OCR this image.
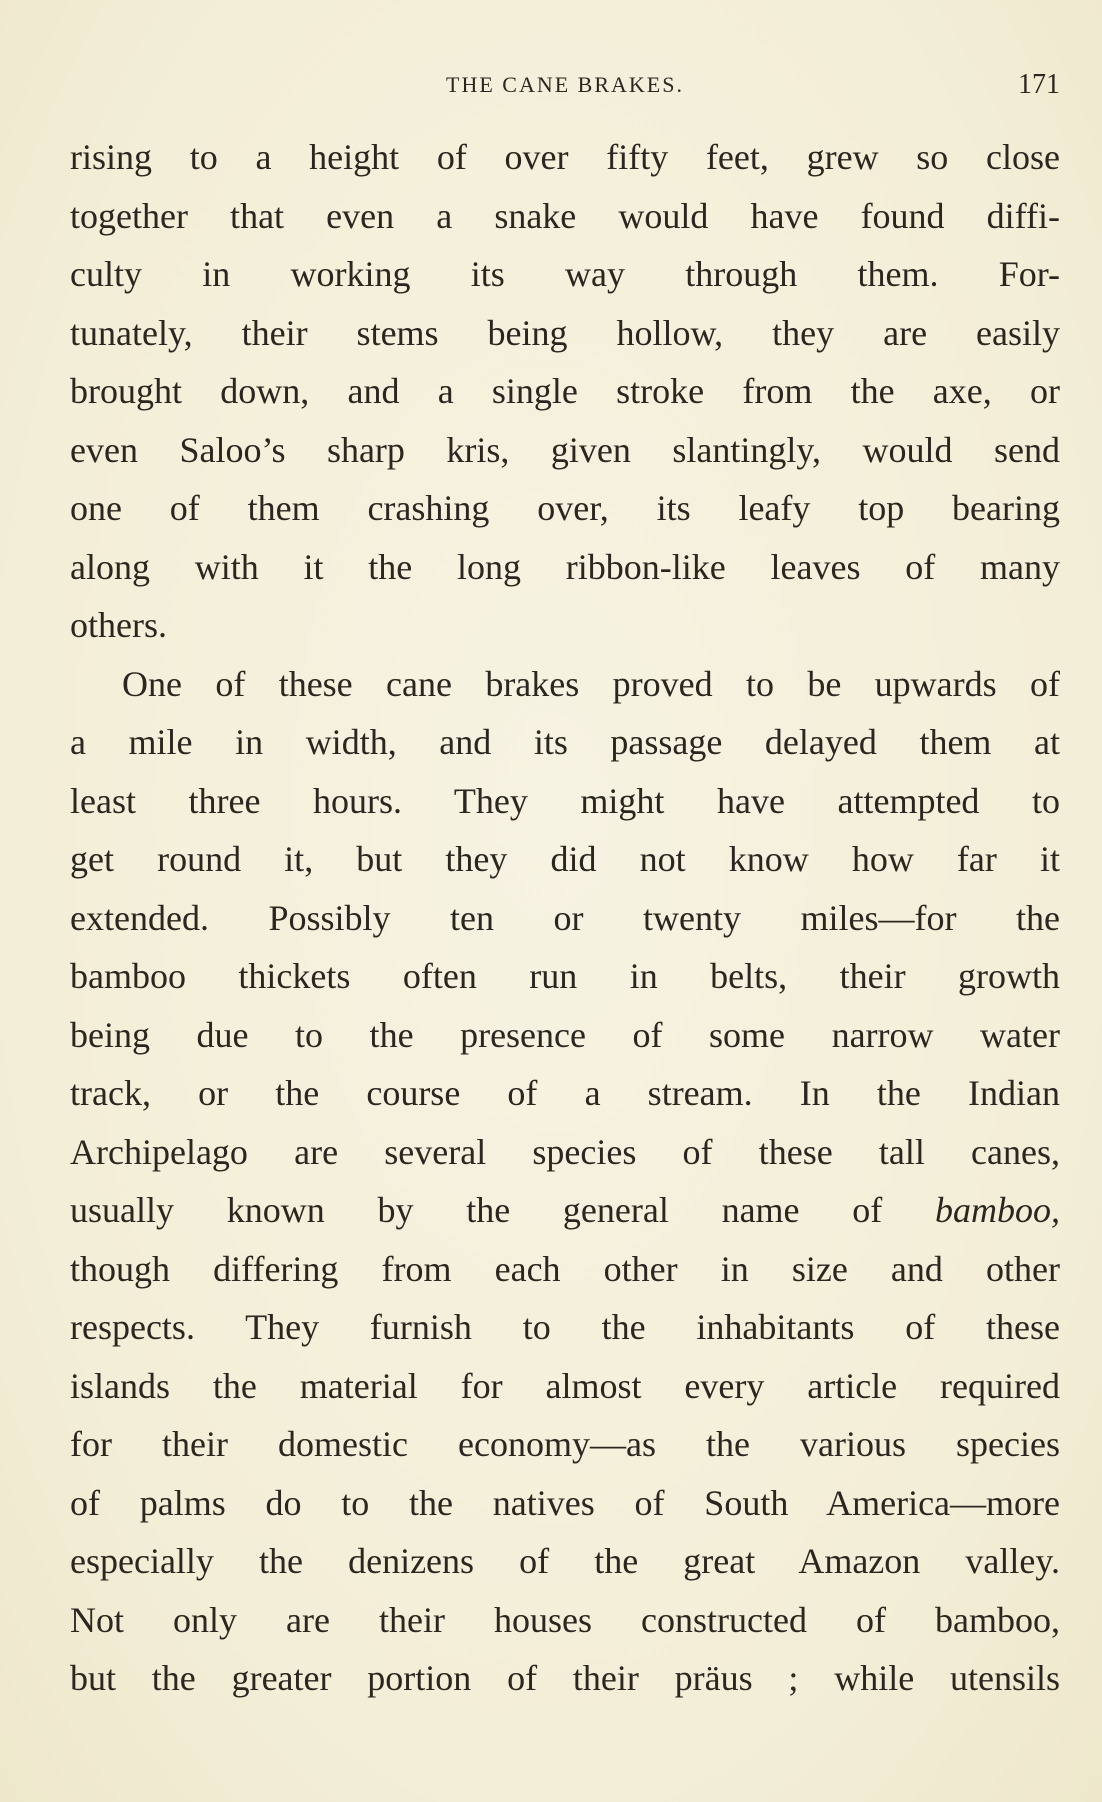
THE CANE BRAKES.	171
rising to a height of over fifty feet, grew so close
together that even a snake would have found diffi-
culty in working its way through them. For-
tunately, their stems being hollow, they are easily
brought down, and a single stroke from the axe, or
even Saloo’s sharp kris, given slantingly, would send
one of them crashing over, its leafy top bearing
along with it the long ribbon-like leaves of many
others.
One of these cane brakes proved to be upwards of
a mile in width, and its passage delayed them at
least three hours. They might have attempted to
get round it, but they did not know how far it
extended. Possibly ten or twenty miles—for the
bamboo thickets often run in belts, their growth
being due to the presence of some narrow water
track, or the course of a stream. In the Indian
Archipelago are several species of these tall canes,
usually known by the general name of bamboo,
though differing from each other in size and other
respects. They furnish to the inhabitants of these
islands the material for almost every article required
for their domestic economy—as the various species
of palms do to the natives of South America—more
especially the denizens of the great Amazon valley.
Not only are their houses constructed of bamboo,
but the greater portion of their präus ; while utensils
